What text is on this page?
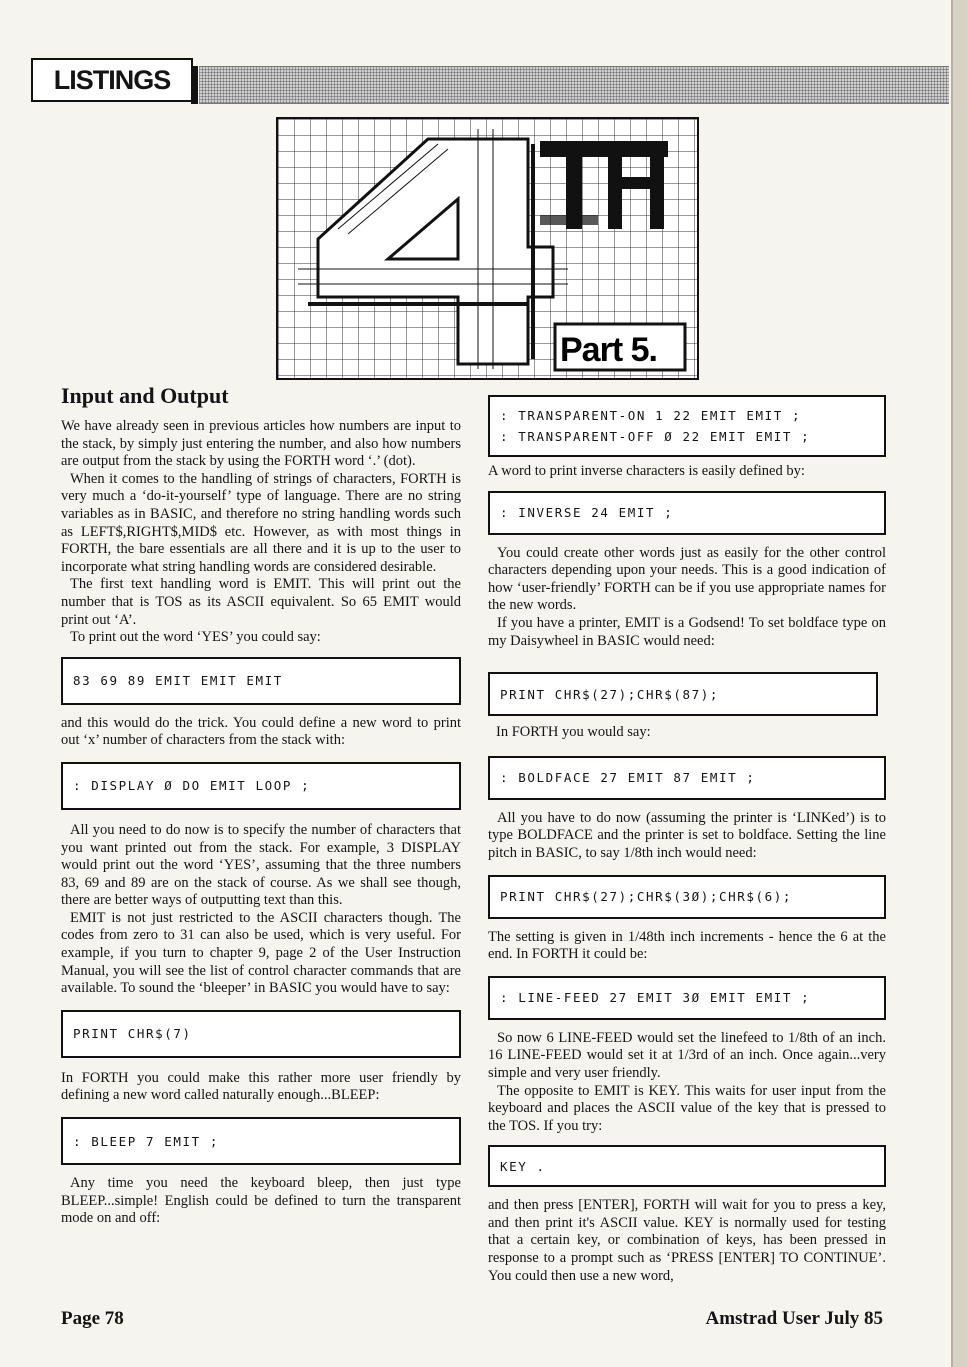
LISTINGS
Part 5.
Input and Output

We have already seen in previous articles how numbers are input to the stack, by simply just entering the number, and also how numbers are output from the stack by using the FORTH word ‘.’ (dot).

When it comes to the handling of strings of characters, FORTH is very much a ‘do-it-yourself’ type of language. There are no string variables as in BASIC, and therefore no string handling words such as LEFT$,RIGHT$,MID$ etc. However, as with most things in FORTH, the bare essentials are all there and it is up to the user to incorporate what string handling words are considered desirable.

The first text handling word is EMIT. This will print out the number that is TOS as its ASCII equivalent. So 65 EMIT would print out ‘A’.

To print out the word ‘YES’ you could say:

83 69 89 EMIT EMIT EMIT

and this would do the trick. You could define a new word to print out ‘x’ number of characters from the stack with:

: DISPLAY Ø DO EMIT LOOP ;

All you need to do now is to specify the number of characters that you want printed out from the stack. For example, 3 DISPLAY would print out the word ‘YES’, assuming that the three numbers 83, 69 and 89 are on the stack of course. As we shall see though, there are better ways of outputting text than this.

EMIT is not just restricted to the ASCII characters though. The codes from zero to 31 can also be used, which is very useful. For example, if you turn to chapter 9, page 2 of the User Instruction Manual, you will see the list of control character commands that are available. To sound the ‘bleeper’ in BASIC you would have to say:

PRINT CHR$(7)

In FORTH you could make this rather more user friendly by defining a new word called naturally enough...BLEEP:

: BLEEP 7 EMIT ;

Any time you need the keyboard bleep, then just type BLEEP...simple! English could be defined to turn the transparent mode on and off:

: TRANSPARENT-ON 1 22 EMIT EMIT ;
: TRANSPARENT-OFF Ø 22 EMIT EMIT ;

A word to print inverse characters is easily defined by:

: INVERSE 24 EMIT ;

You could create other words just as easily for the other control characters depending upon your needs. This is a good indication of how ‘user-friendly’ FORTH can be if you use appropriate names for the new words.

If you have a printer, EMIT is a Godsend! To set boldface type on my Daisywheel in BASIC would need:

PRINT CHR$(27);CHR$(87);

In FORTH you would say:

: BOLDFACE 27 EMIT 87 EMIT ;

All you have to do now (assuming the printer is ‘LINKed’) is to type BOLDFACE and the printer is set to boldface. Setting the line pitch in BASIC, to say 1/8th inch would need:

PRINT CHR$(27);CHR$(3Ø);CHR$(6);

The setting is given in 1/48th inch increments - hence the 6 at the end. In FORTH it could be:

: LINE-FEED 27 EMIT 3Ø EMIT EMIT ;

So now 6 LINE-FEED would set the linefeed to 1/8th of an inch. 16 LINE-FEED would set it at 1/3rd of an inch. Once again...very simple and very user friendly.

The opposite to EMIT is KEY. This waits for user input from the keyboard and places the ASCII value of the key that is pressed to the TOS. If you try:

KEY .

and then press [ENTER], FORTH will wait for you to press a key, and then print it's ASCII value. KEY is normally used for testing that a certain key, or combination of keys, has been pressed in response to a prompt such as ‘PRESS [ENTER] TO CONTINUE’. You could then use a new word,

Page 78	Amstrad User July 85
